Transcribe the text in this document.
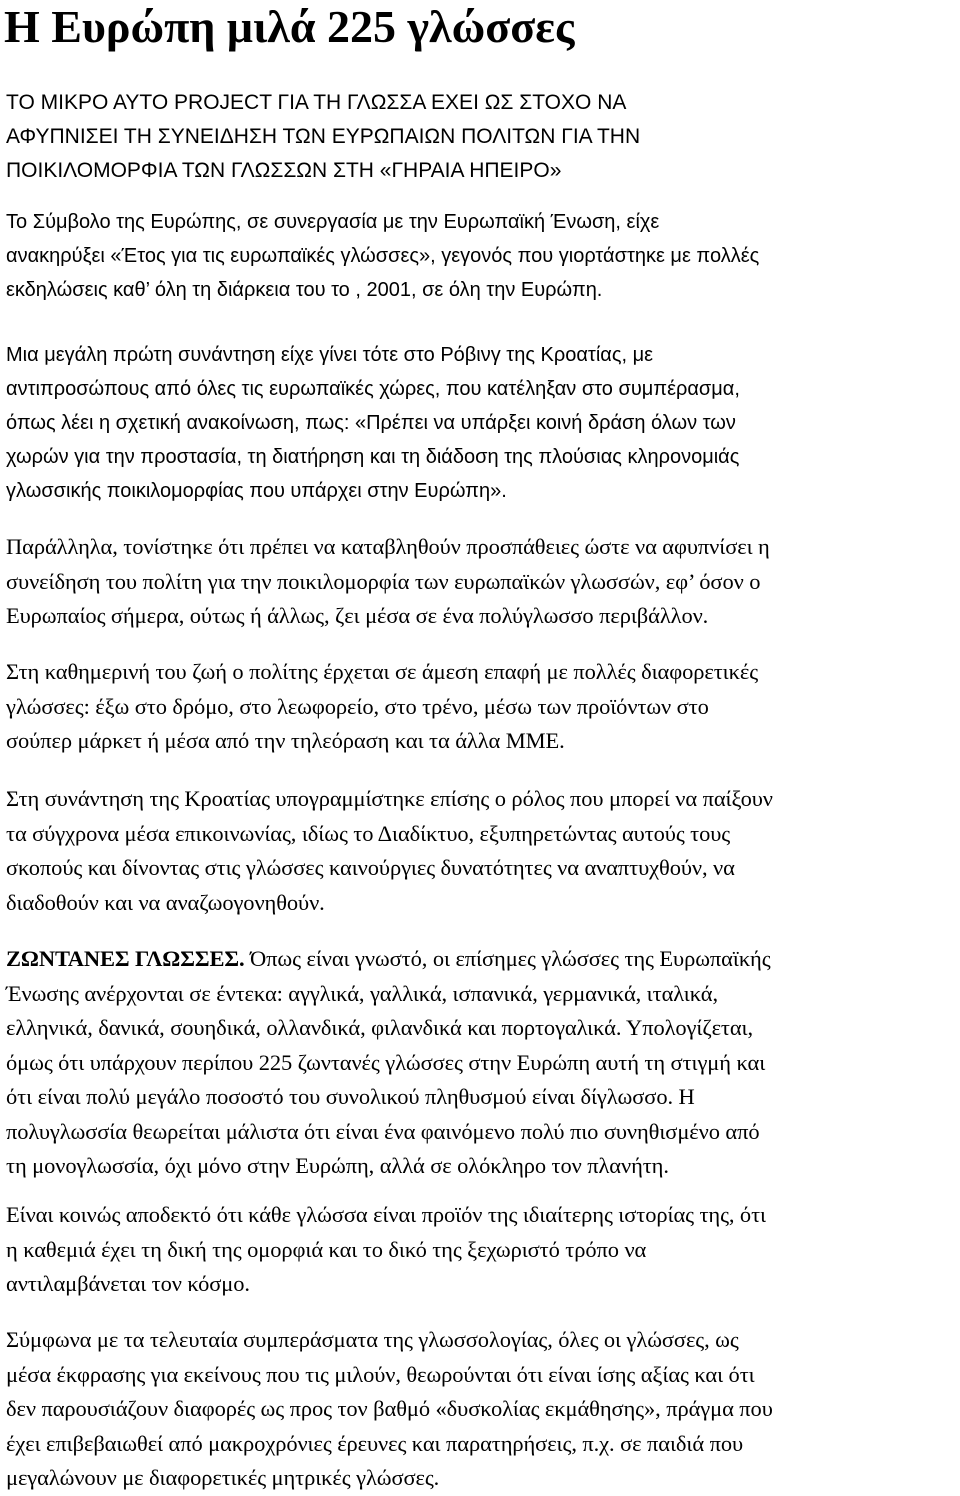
Η Ευρώπη μιλά 225 γλώσσες

ΤΟ ΜΙΚΡΟ ΑΥΤΟ PROJECT ΓΙΑ ΤΗ ΓΛΩΣΣΑ ΕΧΕΙ ΩΣ ΣΤΟΧΟ ΝΑ
ΑΦΥΠΝΙΣΕΙ ΤΗ ΣΥΝΕΙΔΗΣΗ ΤΩΝ ΕΥΡΩΠΑΙΩΝ ΠΟΛΙΤΩΝ ΓΙΑ ΤΗΝ
ΠΟΙΚΙΛΟΜΟΡΦΙΑ ΤΩΝ ΓΛΩΣΣΩΝ ΣΤΗ «ΓΗΡΑΙΑ ΗΠΕΙΡΟ»

Το Σύμβολο της Ευρώπης, σε συνεργασία με την Ευρωπαϊκή Ένωση, είχε
ανακηρύξει «Έτος για τις ευρωπαϊκές γλώσσες», γεγονός που γιορτάστηκε με πολλές
εκδηλώσεις καθ’ όλη τη διάρκεια του το , 2001, σε όλη την Ευρώπη.

Μια μεγάλη πρώτη συνάντηση είχε γίνει τότε στο Ρόβινγ της Κροατίας, με
αντιπροσώπους από όλες τις ευρωπαϊκές χώρες, που κατέληξαν στο συμπέρασμα,
όπως λέει η σχετική ανακοίνωση, πως: «Πρέπει να υπάρξει κοινή δράση όλων των
χωρών για την προστασία, τη διατήρηση και τη διάδοση της πλούσιας κληρονομιάς
γλωσσικής ποικιλομορφίας που υπάρχει στην Ευρώπη».

Παράλληλα, τονίστηκε ότι πρέπει να καταβληθούν προσπάθειες ώστε να αφυπνίσει η
συνείδηση του πολίτη για την ποικιλομορφία των ευρωπαϊκών γλωσσών, εφ’ όσον ο
Ευρωπαίος σήμερα, ούτως ή άλλως, ζει μέσα σε ένα πολύγλωσσο περιβάλλον.

Στη καθημερινή του ζωή ο πολίτης έρχεται σε άμεση επαφή με πολλές διαφορετικές
γλώσσες: έξω στο δρόμο, στο λεωφορείο, στο τρένο, μέσω των προϊόντων στο
σούπερ μάρκετ ή μέσα από την τηλεόραση και τα άλλα ΜΜΕ.

Στη συνάντηση της Κροατίας υπογραμμίστηκε επίσης ο ρόλος που μπορεί να παίξουν
τα σύγχρονα μέσα επικοινωνίας, ιδίως το Διαδίκτυο, εξυπηρετώντας αυτούς τους
σκοπούς και δίνοντας στις γλώσσες καινούργιες δυνατότητες να αναπτυχθούν, να
διαδοθούν και να αναζωογονηθούν.

ΖΩΝΤΑΝΕΣ ΓΛΩΣΣΕΣ. Όπως είναι γνωστό, οι επίσημες γλώσσες της Ευρωπαϊκής
Ένωσης ανέρχονται σε έντεκα: αγγλικά, γαλλικά, ισπανικά, γερμανικά, ιταλικά,
ελληνικά, δανικά, σουηδικά, ολλανδικά, φιλανδικά και πορτογαλικά. Υπολογίζεται,
όμως ότι υπάρχουν περίπου 225 ζωντανές γλώσσες στην Ευρώπη αυτή τη στιγμή και
ότι είναι πολύ μεγάλο ποσοστό του συνολικού πληθυσμού είναι δίγλωσσο. Η
πολυγλωσσία θεωρείται μάλιστα ότι είναι ένα φαινόμενο πολύ πιο συνηθισμένο από
τη μονογλωσσία, όχι μόνο στην Ευρώπη, αλλά σε ολόκληρο τον πλανήτη.

Είναι κοινώς αποδεκτό ότι κάθε γλώσσα είναι προϊόν της ιδιαίτερης ιστορίας της, ότι
η καθεμιά έχει τη δική της ομορφιά και το δικό της ξεχωριστό τρόπο να
αντιλαμβάνεται τον κόσμο.

Σύμφωνα με τα τελευταία συμπεράσματα της γλωσσολογίας, όλες οι γλώσσες, ως
μέσα έκφρασης για εκείνους που τις μιλούν, θεωρούνται ότι είναι ίσης αξίας και ότι
δεν παρουσιάζουν διαφορές ως προς τον βαθμό «δυσκολίας εκμάθησης», πράγμα που
έχει επιβεβαιωθεί από μακροχρόνιες έρευνες και παρατηρήσεις, π.χ. σε παιδιά που
μεγαλώνουν με διαφορετικές μητρικές γλώσσες.
